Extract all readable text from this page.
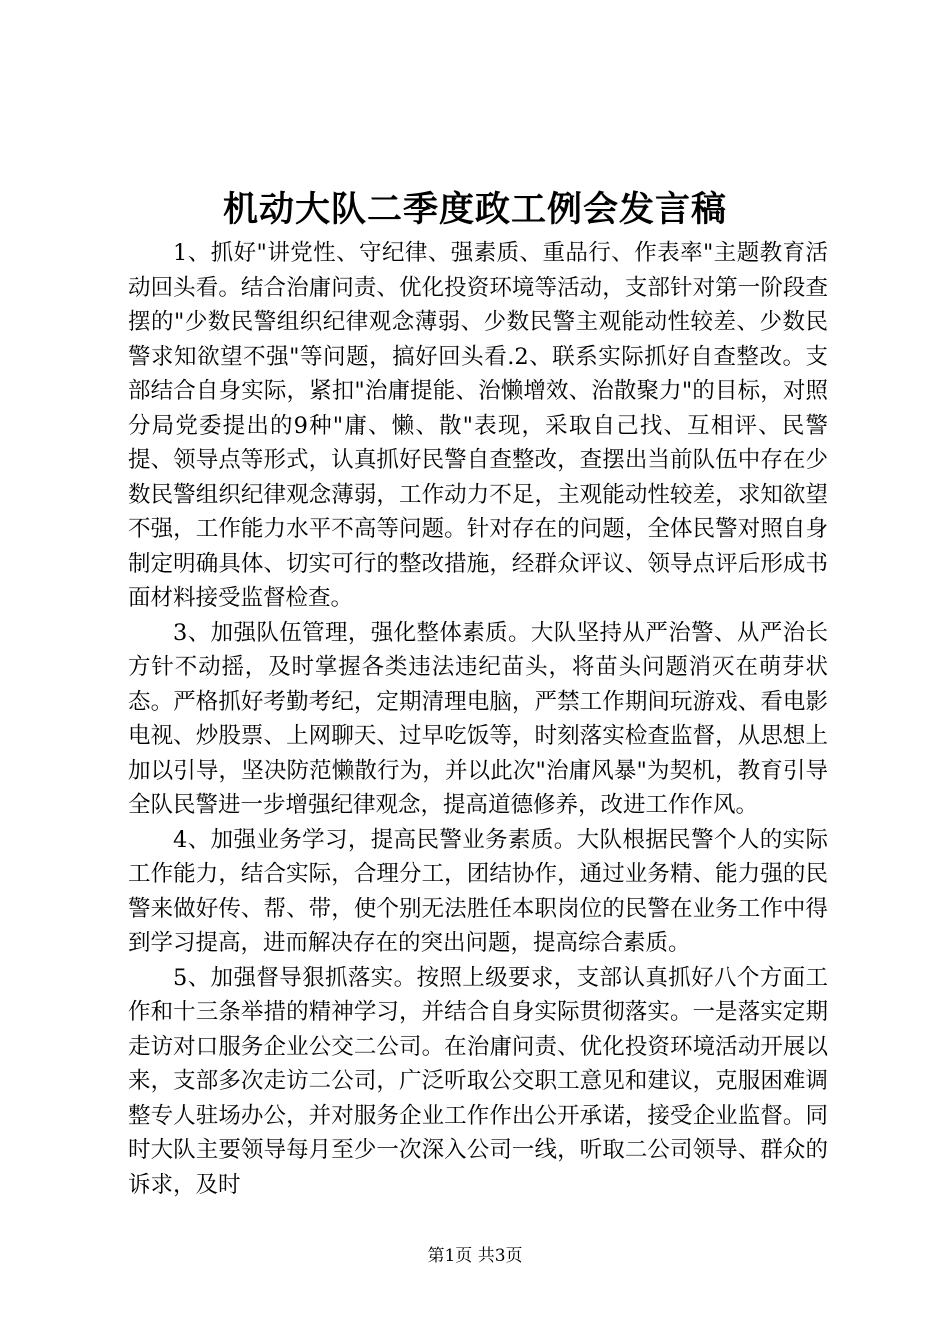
机动大队二季度政工例会发言稿

1、抓好"讲党性、守纪律、强素质、重品行、作表率"主题教育活动回头看。结合治庸问责、优化投资环境等活动，支部针对第一阶段查摆的"少数民警组织纪律观念薄弱、少数民警主观能动性较差、少数民警求知欲望不强"等问题，搞好回头看.2、联系实际抓好自查整改。支部结合自身实际，紧扣"治庸提能、治懒增效、治散聚力"的目标，对照分局党委提出的9种"庸、懒、散"表现，采取自己找、互相评、民警提、领导点等形式，认真抓好民警自查整改，查摆出当前队伍中存在少数民警组织纪律观念薄弱，工作动力不足，主观能动性较差，求知欲望不强，工作能力水平不高等问题。针对存在的问题，全体民警对照自身制定明确具体、切实可行的整改措施，经群众评议、领导点评后形成书面材料接受监督检查。

3、加强队伍管理，强化整体素质。大队坚持从严治警、从严治长方针不动摇，及时掌握各类违法违纪苗头，将苗头问题消灭在萌芽状态。严格抓好考勤考纪，定期清理电脑，严禁工作期间玩游戏、看电影电视、炒股票、上网聊天、过早吃饭等，时刻落实检查监督，从思想上加以引导，坚决防范懒散行为，并以此次"治庸风暴"为契机，教育引导全队民警进一步增强纪律观念，提高道德修养，改进工作作风。

4、加强业务学习，提高民警业务素质。大队根据民警个人的实际工作能力，结合实际，合理分工，团结协作，通过业务精、能力强的民警来做好传、帮、带，使个别无法胜任本职岗位的民警在业务工作中得到学习提高，进而解决存在的突出问题，提高综合素质。

5、加强督导狠抓落实。按照上级要求，支部认真抓好八个方面工作和十三条举措的精神学习，并结合自身实际贯彻落实。一是落实定期走访对口服务企业公交二公司。在治庸问责、优化投资环境活动开展以来，支部多次走访二公司，广泛听取公交职工意见和建议，克服困难调整专人驻场办公，并对服务企业工作作出公开承诺，接受企业监督。同时大队主要领导每月至少一次深入公司一线，听取二公司领导、群众的诉求，及时

第1页 共3页
